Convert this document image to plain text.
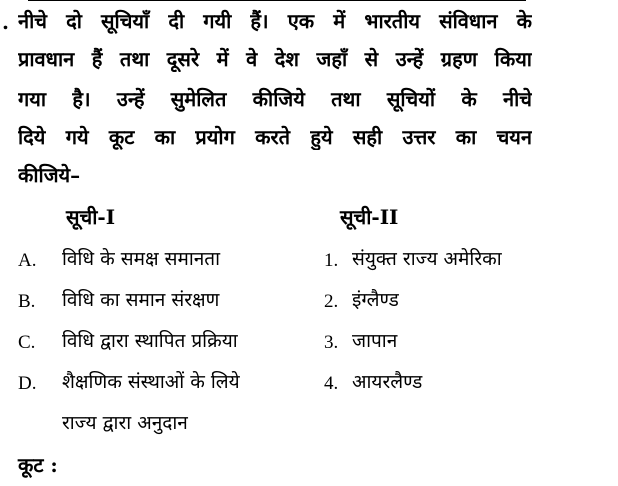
. नीचे दो सूचियाँ दी गयी हैं। एक में भारतीय संविधान के
प्रावधान हैं तथा दूसरे में वे देश जहाँ से उन्हें ग्रहण किया
गया है। उन्हें सुमेलित कीजिये तथा सूचियों के नीचे
दिये गये कूट का प्रयोग करते हुये सही उत्तर का चयन
कीजिये–
सूची-I	सूची-II
A. विधि के समक्ष समानता
B. विधि का समान संरक्षण
C. विधि द्वारा स्थापित प्रक्रिया
D. शैक्षणिक संस्थाओं के लिये
राज्य द्वारा अनुदान
1. संयुक्त राज्य अमेरिका
2. इंग्लैण्ड
3. जापान
4. आयरलैण्ड
कूट :
